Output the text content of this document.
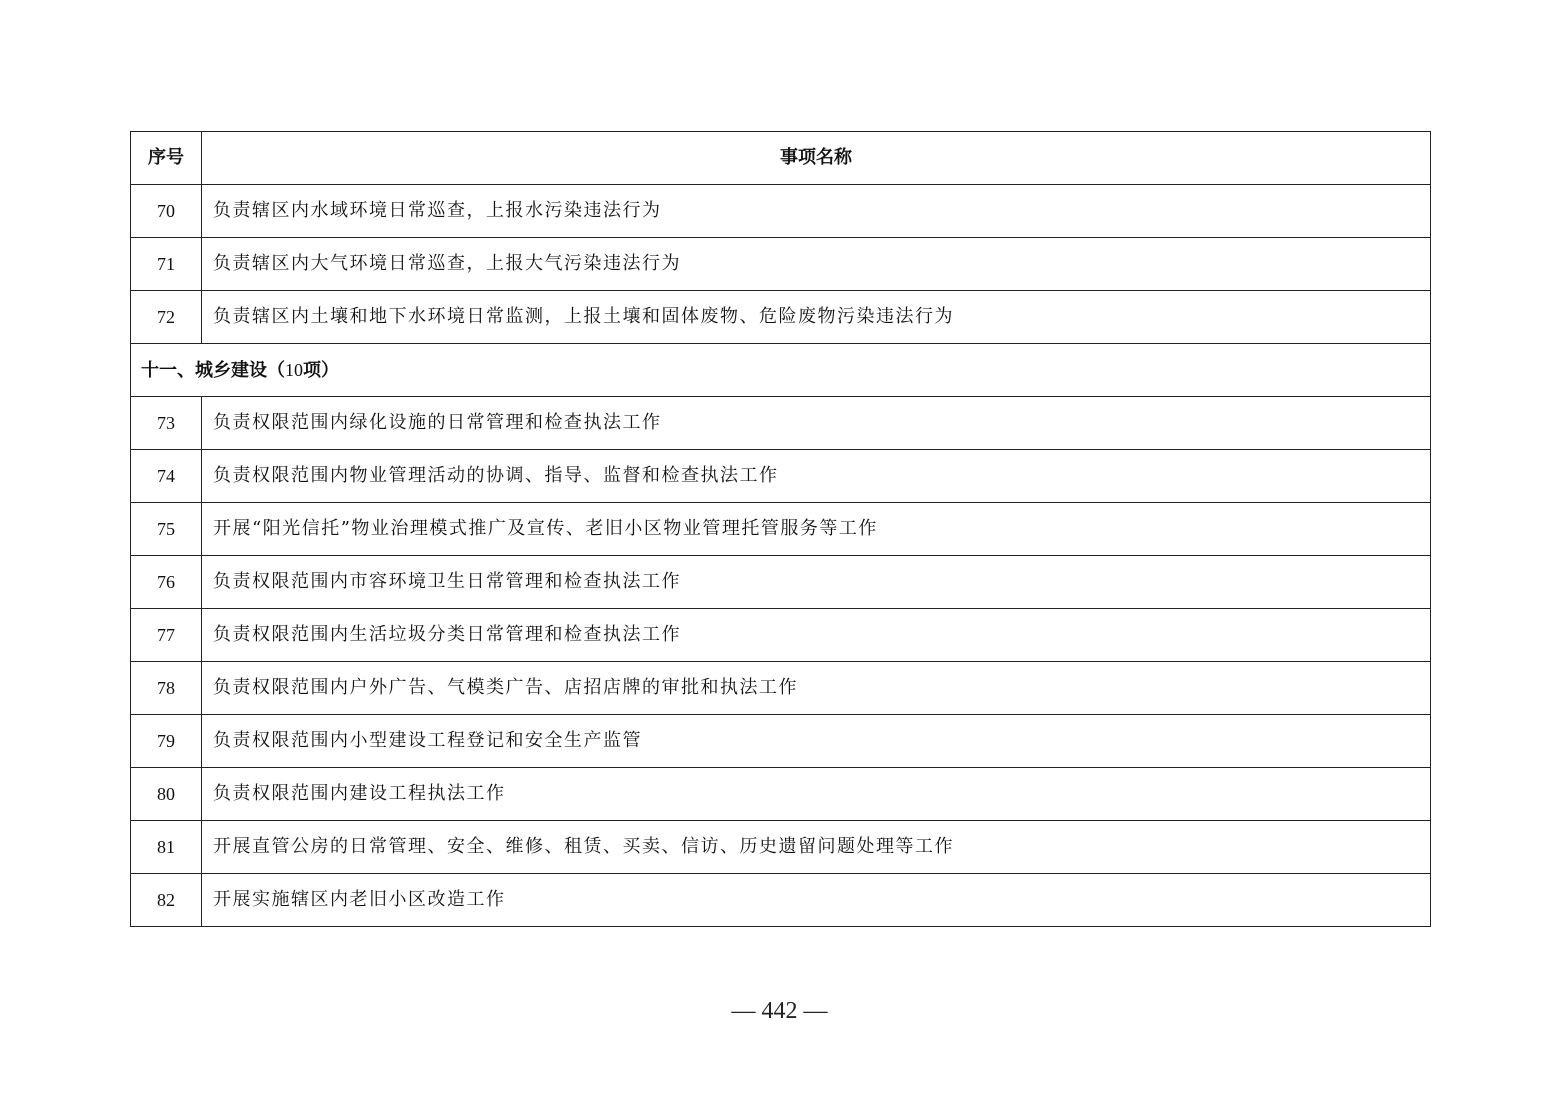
序号	事项名称
70	负责辖区内水域环境日常巡查，上报水污染违法行为
71	负责辖区内大气环境日常巡查，上报大气污染违法行为
72	负责辖区内土壤和地下水环境日常监测，上报土壤和固体废物、危险废物污染违法行为
十一、城乡建设（10项）	
73	负责权限范围内绿化设施的日常管理和检查执法工作
74	负责权限范围内物业管理活动的协调、指导、监督和检查执法工作
75	开展“阳光信托”物业治理模式推广及宣传、老旧小区物业管理托管服务等工作
76	负责权限范围内市容环境卫生日常管理和检查执法工作
77	负责权限范围内生活垃圾分类日常管理和检查执法工作
78	负责权限范围内户外广告、气模类广告、店招店牌的审批和执法工作
79	负责权限范围内小型建设工程登记和安全生产监管
80	负责权限范围内建设工程执法工作
81	开展直管公房的日常管理、安全、维修、租赁、买卖、信访、历史遗留问题处理等工作
82	开展实施辖区内老旧小区改造工作
— 442 —
